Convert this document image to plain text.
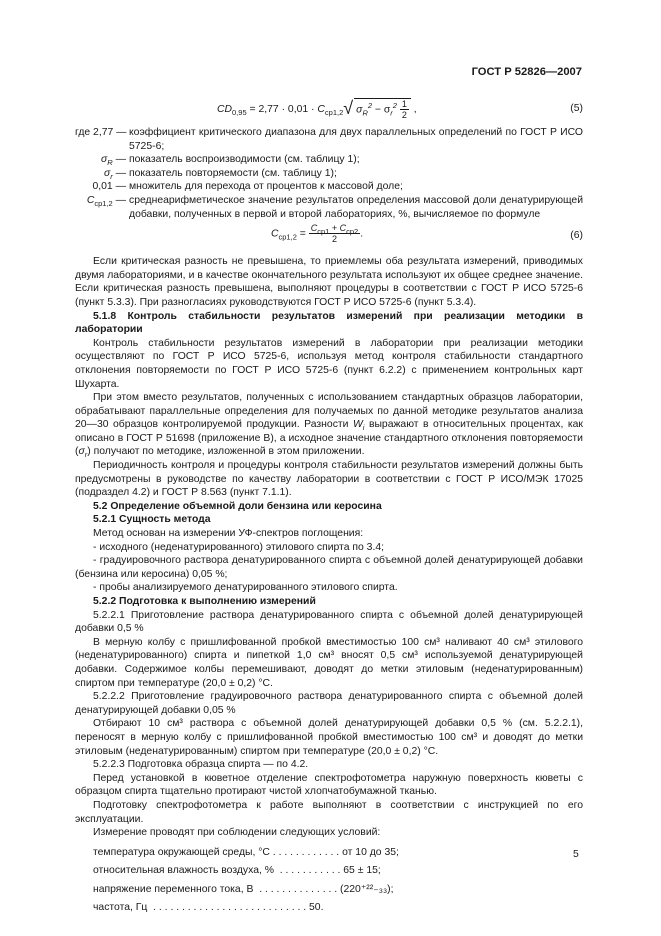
ГОСТ Р 52826—2007
$CD_{0,95} = 2,77 \cdot 0,01 \cdot C_{ср1,2}√$ $\sigma_R^2 - \sigma_r^2 \frac{1}{2}$ ,	(5)
где 2,77 — коэффициент критического диапазона для двух параллельных определений по ГОСТ Р ИСО 5725-6;
$\sigma_R$ — показатель воспроизводимости (см. таблицу 1);
$\sigma_r$ — показатель повторяемости (см. таблицу 1);
0,01 — множитель для перехода от процентов к массовой доле;
$C_{ср1,2}$ — среднеарифметическое значение результатов определения массовой доли денатурирующей добавки, полученных в первой и второй лабораториях, %, вычисляемое по формуле
$C_{ср1,2} = \frac{C_{ср1} + C_{ср2}}{2}$ .	(6)

Если критическая разность не превышена, то приемлемы оба результата измерений, приводимых двумя лабораториями, и в качестве окончательного результата используют их общее среднее значение. Если критическая разность превышена, выполняют процедуры в соответствии с ГОСТ Р ИСО 5725-6 (пункт 5.3.3). При разногласиях руководствуются ГОСТ Р ИСО 5725-6 (пункт 5.3.4).

5.1.8 Контроль стабильности результатов измерений при реализации методики в лаборатории

Контроль стабильности результатов измерений в лаборатории при реализации методики осуществляют по ГОСТ Р ИСО 5725-6, используя метод контроля стабильности стандартного отклонения повторяемости по ГОСТ Р ИСО 5725-6 (пункт 6.2.2) с применением контрольных карт Шухарта.

При этом вместо результатов, полученных с использованием стандартных образцов лаборатории, обрабатывают параллельные определения для получаемых по данной методике результатов анализа 20—30 образцов контролируемой продукции. Разности $W_i$ выражают в относительных процентах, как описано в ГОСТ Р 51698 (приложение В), а исходное значение стандартного отклонения повторяемости $(\sigma_r)$ получают по методике, изложенной в этом приложении.

Периодичность контроля и процедуры контроля стабильности результатов измерений должны быть предусмотрены в руководстве по качеству лаборатории в соответствии с ГОСТ Р ИСО/МЭК 17025 (подраздел 4.2) и ГОСТ Р 8.563 (пункт 7.1.1).

5.2 Определение объемной доли бензина или керосина

5.2.1 Сущность метода

Метод основан на измерении УФ-спектров поглощения:

- исходного (неденатурированного) этилового спирта по 3.4;

- градуировочного раствора денатурированного спирта с объемной долей денатурирующей добавки (бензина или керосина) 0,05 %;

- пробы анализируемого денатурированного этилового спирта.

5.2.2 Подготовка к выполнению измерений

5.2.2.1 Приготовление раствора денатурированного спирта с объемной долей денатурирующей добавки 0,5 %

В мерную колбу с пришлифованной пробкой вместимостью 100 см³ наливают 40 см³ этилового (неденатурированного) спирта и пипеткой 1,0 см³ вносят 0,5 см³ используемой денатурирующей добавки. Содержимое колбы перемешивают, доводят до метки этиловым (неденатурированным) спиртом при температуре (20,0 ± 0,2) °С.

5.2.2.2 Приготовление градуировочного раствора денатурированного спирта с объемной долей денатурирующей добавки 0,05 %

Отбирают 10 см³ раствора с объемной долей денатурирующей добавки 0,5 % (см. 5.2.2.1), переносят в мерную колбу с пришлифованной пробкой вместимостью 100 см³ и доводят до метки этиловым (неденатурированным) спиртом при температуре (20,0 ± 0,2) °С.

5.2.2.3 Подготовка образца спирта — по 4.2.

Перед установкой в кюветное отделение спектрофотометра наружную поверхность кюветы с образцом спирта тщательно протирают чистой хлопчатобумажной тканью.

Подготовку спектрофотометра к работе выполняют в соответствии с инструкцией по его эксплуатации.

Измерение проводят при соблюдении следующих условий:

температура окружающей среды, °С . . . . . . . . . . . . от 10 до 35;
относительная влажность воздуха, %  . . . . . . . . . . . 65 ± 15;
напряжение переменного тока, В  . . . . . . . . . . . . . . (220⁺²²₋₃₃);
частота, Гц  . . . . . . . . . . . . . . . . . . . . . . . . . . . 50.
5
